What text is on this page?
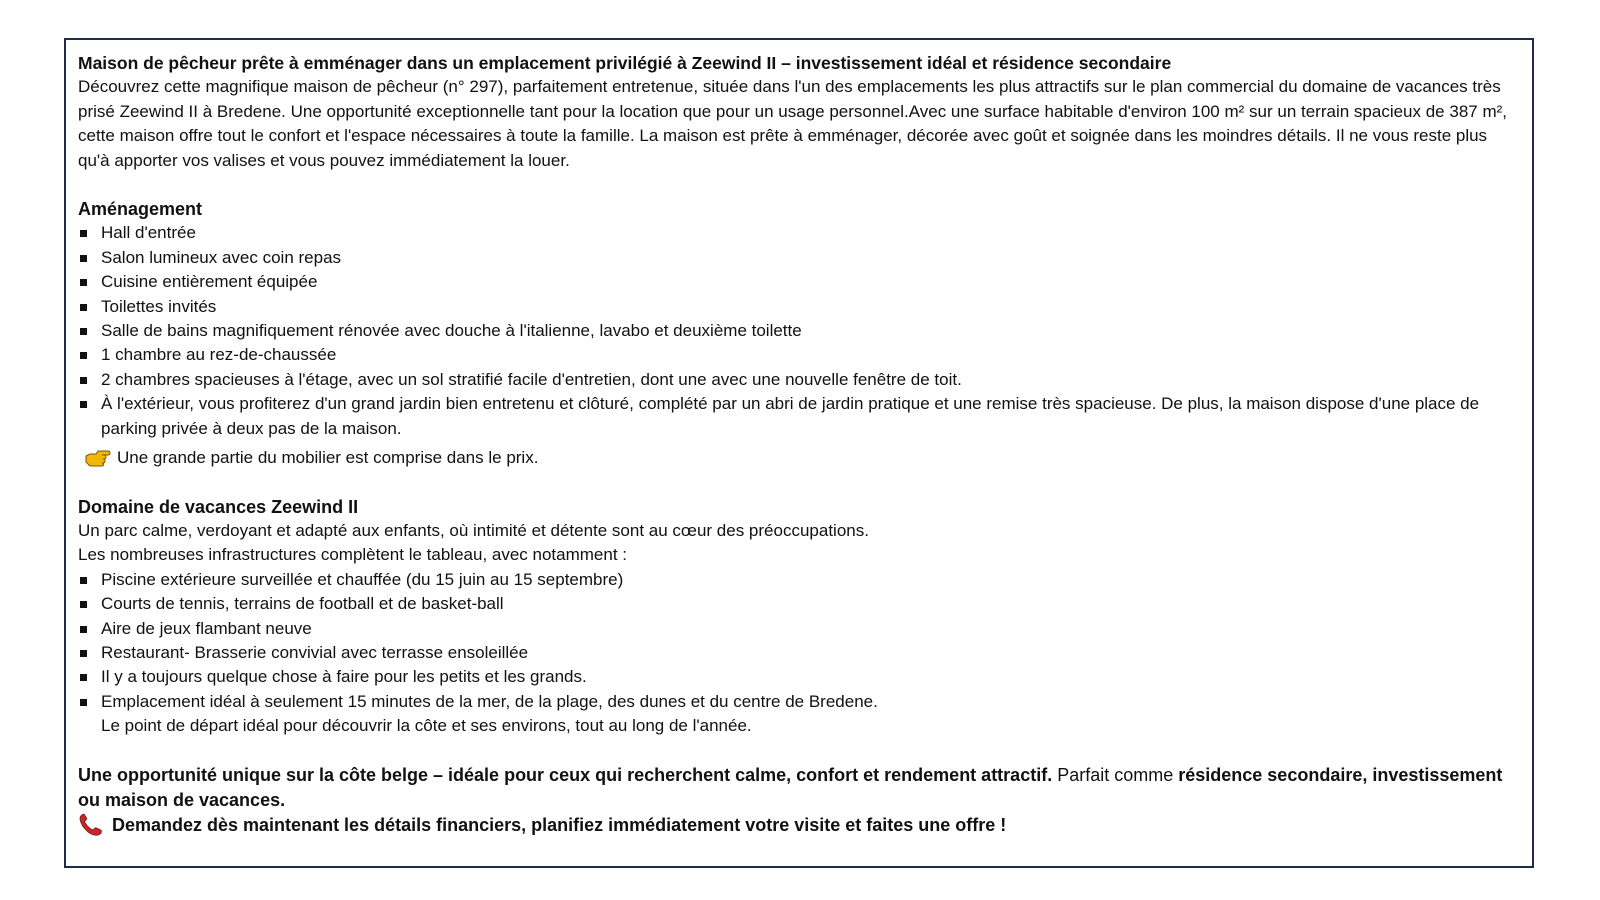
Maison de pêcheur prête à emménager dans un emplacement privilégié à Zeewind II – investissement idéal et résidence secondaire

Découvrez cette magnifique maison de pêcheur (n° 297), parfaitement entretenue, située dans l'un des emplacements les plus attractifs sur le plan commercial du domaine de vacances très prisé Zeewind II à Bredene. Une opportunité exceptionnelle tant pour la location que pour un usage personnel.Avec une surface habitable d'environ 100 m² sur un terrain spacieux de 387 m², cette maison offre tout le confort et l'espace nécessaires à toute la famille. La maison est prête à emménager, décorée avec goût et soignée dans les moindres détails. Il ne vous reste plus qu'à apporter vos valises et vous pouvez immédiatement la louer.

Aménagement
Hall d'entrée
Salon lumineux avec coin repas
Cuisine entièrement équipée
Toilettes invités
Salle de bains magnifiquement rénovée avec douche à l'italienne, lavabo et deuxième toilette
1 chambre au rez-de-chaussée
2 chambres spacieuses à l'étage, avec un sol stratifié facile d'entretien, dont une avec une nouvelle fenêtre de toit.
À l'extérieur, vous profiterez d'un grand jardin bien entretenu et clôturé, complété par un abri de jardin pratique et une remise très spacieuse. De plus, la maison dispose d'une place de parking privée à deux pas de la maison.
Une grande partie du mobilier est comprise dans le prix.
Domaine de vacances Zeewind II
Un parc calme, verdoyant et adapté aux enfants, où intimité et détente sont au cœur des préoccupations.
Les nombreuses infrastructures complètent le tableau, avec notamment :
Piscine extérieure surveillée et chauffée (du 15 juin au 15 septembre)
Courts de tennis, terrains de football et de basket-ball
Aire de jeux flambant neuve
Restaurant- Brasserie convivial avec terrasse ensoleillée
Il y a toujours quelque chose à faire pour les petits et les grands.
Emplacement idéal à seulement 15 minutes de la mer, de la plage, des dunes et du centre de Bredene.
Le point de départ idéal pour découvrir la côte et ses environs, tout au long de l'année.

Une opportunité unique sur la côte belge – idéale pour ceux qui recherchent calme, confort et rendement attractif. Parfait comme résidence secondaire, investissement ou maison de vacances.

Demandez dès maintenant les détails financiers, planifiez immédiatement votre visite et faites une offre !
